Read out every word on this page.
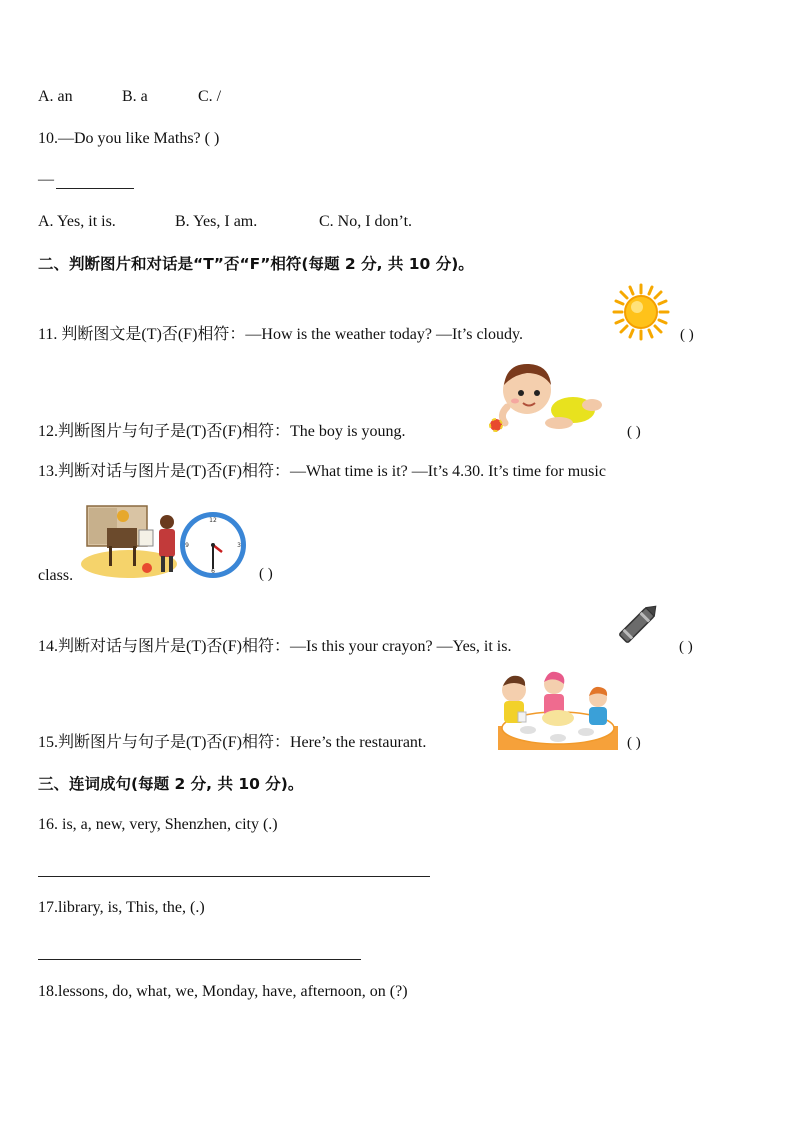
A. an	B. a	C. /
10.—Do you like Maths? ( )
—
A. Yes, it is.	B. Yes, I am.	C. No, I don’t.
二、判断图片和对话是“T”否“F”相符(每题 2 分, 共 10 分)。
11. 判断图文是(T)否(F)相符：—How is the weather today? —It’s cloudy.	( )
12.判断图片与句子是(T)否(F)相符：The boy is young.	( )
13.判断对话与图片是(T)否(F)相符：—What time is it? —It’s 4.30. It’s time for music
12
6
9	3
class.	( )
14.判断对话与图片是(T)否(F)相符：—Is this your crayon? —Yes, it is.	( )
15.判断图片与句子是(T)否(F)相符：Here’s the restaurant.	( )
三、连词成句(每题 2 分, 共 10 分)。
16. is, a, new, very, Shenzhen, city (.)
17.library, is, This, the, (.)
18.lessons, do, what, we, Monday, have, afternoon, on (?)
